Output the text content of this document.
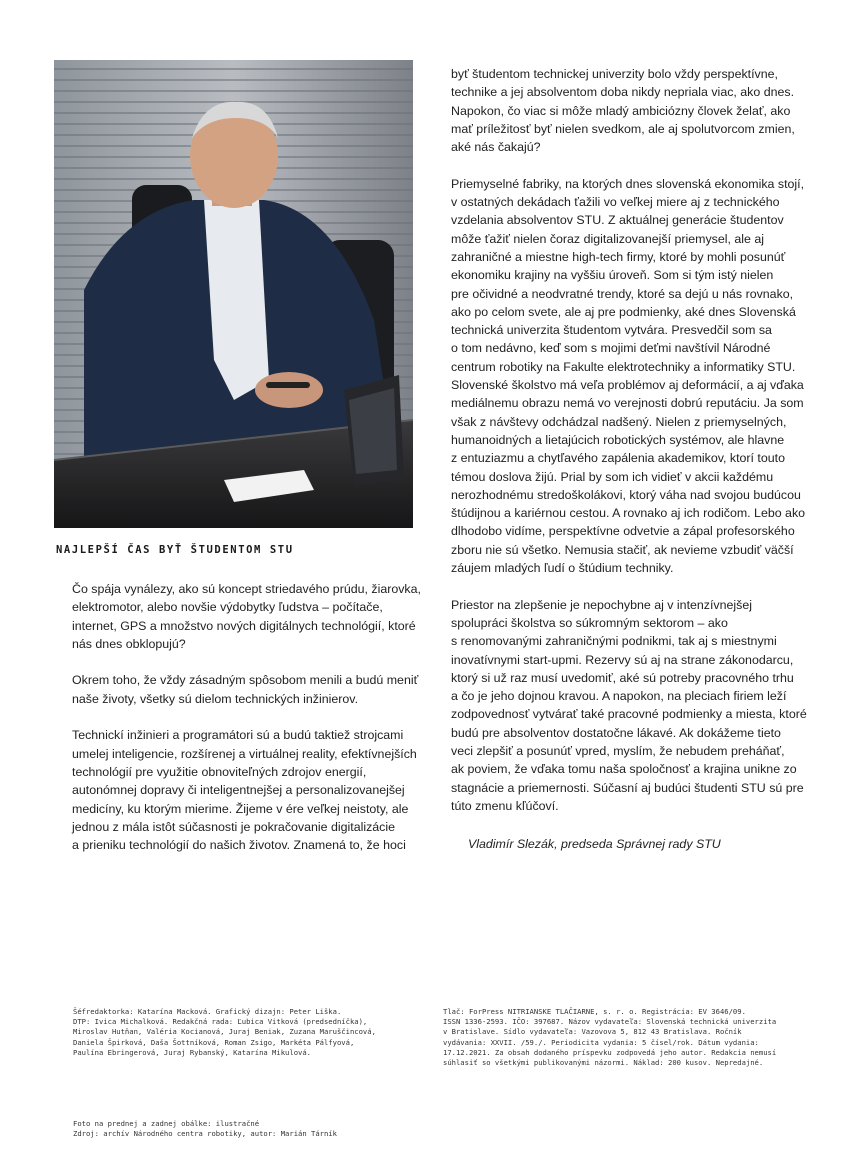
NAJLEPŠÍ ČAS BYŤ ŠTUDENTOM STU

Čo spája vynálezy, ako sú koncept striedavého prúdu, žiarovka,
elektromotor, alebo novšie výdobytky ľudstva – počítače,
internet, GPS a množstvo nových digitálnych technológií, ktoré
nás dnes obklopujú?

Okrem toho, že vždy zásadným spôsobom menili a budú meniť
naše životy, všetky sú dielom technických inžinierov.

Technickí inžinieri a programátori sú a budú taktiež strojcami
umelej inteligencie, rozšírenej a virtuálnej reality, efektívnejších
technológií pre využitie obnoviteľných zdrojov energií,
autonómnej dopravy či inteligentnejšej a personalizovanejšej
medicíny, ku ktorým mierime. Žijeme v ére veľkej neistoty, ale
jednou z mála istôt súčasnosti je pokračovanie digitalizácie
a prieniku technológií do našich životov. Znamená to, že hoci

byť študentom technickej univerzity bolo vždy perspektívne,
technike a jej absolventom doba nikdy nepriala viac, ako dnes.
Napokon, čo viac si môže mladý ambiciózny človek želať, ako
mať príležitosť byť nielen svedkom, ale aj spolutvorcom zmien,
aké nás čakajú?

Priemyselné fabriky, na ktorých dnes slovenská ekonomika stojí,
v ostatných dekádach ťažili vo veľkej miere aj z technického
vzdelania absolventov STU. Z aktuálnej generácie študentov
môže ťažiť nielen čoraz digitalizovanejší priemysel, ale aj
zahraničné a miestne high-tech firmy, ktoré by mohli posunúť
ekonomiku krajiny na vyššiu úroveň. Som si tým istý nielen
pre očividné a neodvratné trendy, ktoré sa dejú u nás rovnako,
ako po celom svete, ale aj pre podmienky, aké dnes Slovenská
technická univerzita študentom vytvára. Presvedčil som sa
o tom nedávno, keď som s mojimi deťmi navštívil Národné
centrum robotiky na Fakulte elektrotechniky a informatiky STU.
Slovenské školstvo má veľa problémov aj deformácií, a aj vďaka
mediálnemu obrazu nemá vo verejnosti dobrú reputáciu. Ja som
však z návštevy odchádzal nadšený. Nielen z priemyselných,
humanoidných a lietajúcich robotických systémov, ale hlavne
z entuziazmu a chytľavého zapálenia akademikov, ktorí touto
témou doslova žijú. Prial by som ich vidieť v akcii každému
nerozhodnému stredoškolákovi, ktorý váha nad svojou budúcou
štúdijnou a kariérnou cestou. A rovnako aj ich rodičom. Lebo ako
dlhodobo vidíme, perspektívne odvetvie a zápal profesorského
zboru nie sú všetko. Nemusia stačiť, ak nevieme vzbudiť väčší
záujem mladých ľudí o štúdium techniky.

Priestor na zlepšenie je nepochybne aj v intenzívnejšej
spolupráci školstva so súkromným sektorom – ako
s renomovanými zahraničnými podnikmi, tak aj s miestnymi
inovatívnymi start-upmi. Rezervy sú aj na strane zákonodarcu,
ktorý si už raz musí uvedomiť, aké sú potreby pracovného trhu
a čo je jeho dojnou kravou. A napokon, na pleciach firiem leží
zodpovednosť vytvárať také pracovné podmienky a miesta, ktoré
budú pre absolventov dostatočne lákavé. Ak dokážeme tieto
veci zlepšiť a posunúť vpred, myslím, že nebudem preháňať,
ak poviem, že vďaka tomu naša spoločnosť a krajina unikne zo
stagnácie a priemernosti. Súčasní aj budúci študenti STU sú pre
túto zmenu kľúčoví.

Vladimír Slezák, predseda Správnej rady STU
Šéfredaktorka: Katarína Macková. Grafický dizajn: Peter Liška.
DTP: Ivica Michalková. Redakčná rada: Ľubica Vitková (predsedníčka),
Miroslav Hutňan, Valéria Kocianová, Juraj Beniak, Zuzana Maruščincová,
Daniela Špirková, Daša Šottníková, Roman Zsigo, Markéta Pálfyová,
Paulína Ebringerová, Juraj Rybanský, Katarína Mikulová.
Tlač: ForPress NITRIANSKE TLAČIARNE, s. r. o. Registrácia: EV 3646/09.
ISSN 1336-2593. IČO: 397687. Názov vydavateľa: Slovenská technická univerzita
v Bratislave. Sídlo vydavateľa: Vazovova 5, 812 43 Bratislava. Ročník
vydávania: XXVII. /59./. Periodicita vydania: 5 čísel/rok. Dátum vydania:
17.12.2021. Za obsah dodaného príspevku zodpovedá jeho autor. Redakcia nemusí
súhlasiť so všetkými publikovanými názormi. Náklad: 200 kusov. Nepredajné.
Foto na prednej a zadnej obálke: ilustračné
Zdroj: archív Národného centra robotiky, autor: Marián Tárník
